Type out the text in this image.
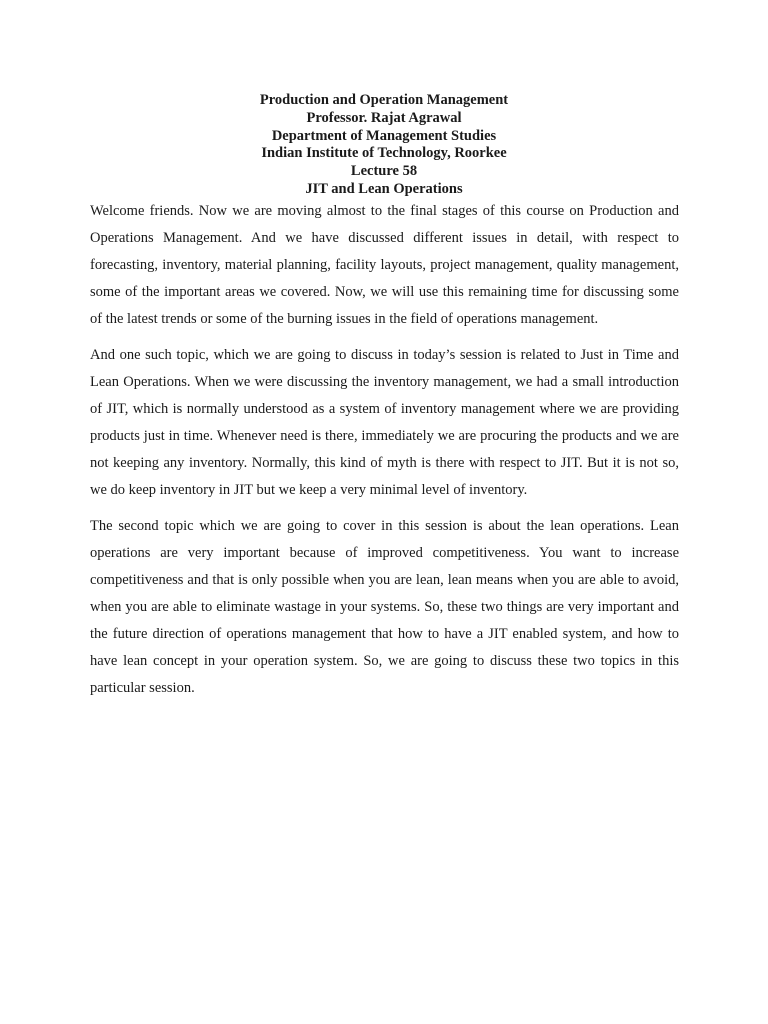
Production and Operation Management
Professor. Rajat Agrawal
Department of Management Studies
Indian Institute of Technology, Roorkee
Lecture 58
JIT and Lean Operations

Welcome friends. Now we are moving almost to the final stages of this course on Production and Operations Management. And we have discussed different issues in detail, with respect to forecasting, inventory, material planning, facility layouts, project management, quality management, some of the important areas we covered. Now, we will use this remaining time for discussing some of the latest trends or some of the burning issues in the field of operations management.

And one such topic, which we are going to discuss in today’s session is related to Just in Time and Lean Operations. When we were discussing the inventory management, we had a small introduction of JIT, which is normally understood as a system of inventory management where we are providing products just in time. Whenever need is there, immediately we are procuring the products and we are not keeping any inventory. Normally, this kind of myth is there with respect to JIT. But it is not so, we do keep inventory in JIT but we keep a very minimal level of inventory.

The second topic which we are going to cover in this session is about the lean operations. Lean operations are very important because of improved competitiveness. You want to increase competitiveness and that is only possible when you are lean, lean means when you are able to avoid, when you are able to eliminate wastage in your systems. So, these two things are very important and the future direction of operations management that how to have a JIT enabled system, and how to have lean concept in your operation system. So, we are going to discuss these two topics in this particular session.
